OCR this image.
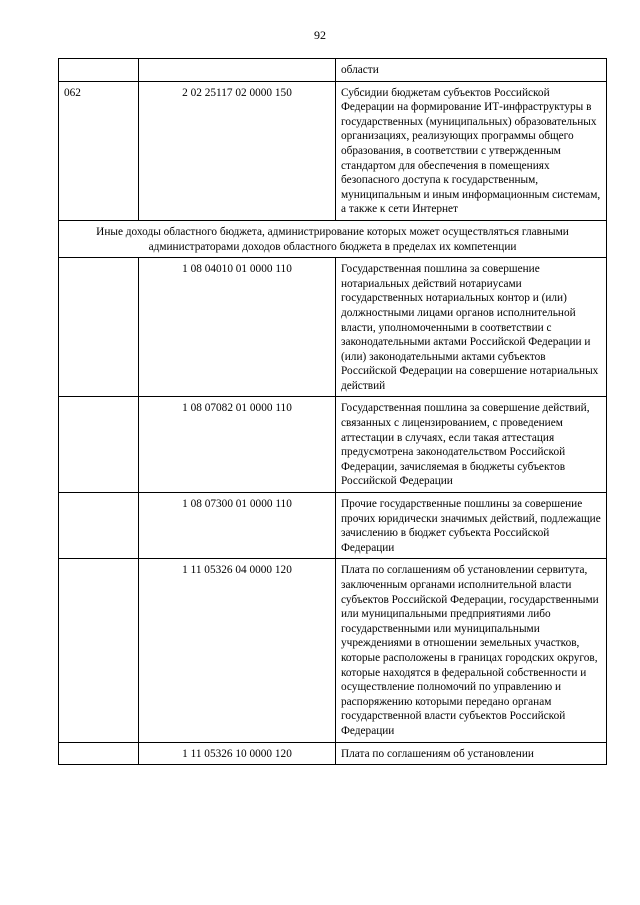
92
		области
062	2 02 25117 02 0000 150	Субсидии бюджетам субъектов Российской Федерации на формирование ИТ-инфраструктуры в государственных (муниципальных) образовательных организациях, реализующих программы общего образования, в соответствии с утвержденным стандартом для обеспечения в помещениях безопасного доступа к государственным, муниципальным и иным информационным системам, а также к сети Интернет
Иные доходы областного бюджета, администрирование которых может осуществляться главными администраторами доходов областного бюджета в пределах их компетенции		
	1 08 04010 01 0000 110	Государственная пошлина за совершение нотариальных действий нотариусами государственных нотариальных контор и (или) должностными лицами органов исполнительной власти, уполномоченными в соответствии с законодательными актами Российской Федерации и (или) законодательными актами субъектов Российской Федерации на совершение нотариальных действий
	1 08 07082 01 0000 110	Государственная пошлина за совершение действий, связанных с лицензированием, с проведением аттестации в случаях, если такая аттестация предусмотрена законодательством Российской Федерации, зачисляемая в бюджеты субъектов Российской Федерации
	1 08 07300 01 0000 110	Прочие государственные пошлины за совершение прочих юридически значимых действий, подлежащие зачислению в бюджет субъекта Российской Федерации
	1 11 05326 04 0000 120	Плата по соглашениям об установлении сервитута, заключенным органами исполнительной власти субъектов Российской Федерации, государственными или муниципальными предприятиями либо государственными или муниципальными учреждениями в отношении земельных участков, которые расположены в границах городских округов, которые находятся в федеральной собственности и осуществление полномочий по управлению и распоряжению которыми передано органам государственной власти субъектов Российской Федерации
	1 11 05326 10 0000 120	Плата по соглашениям об установлении
